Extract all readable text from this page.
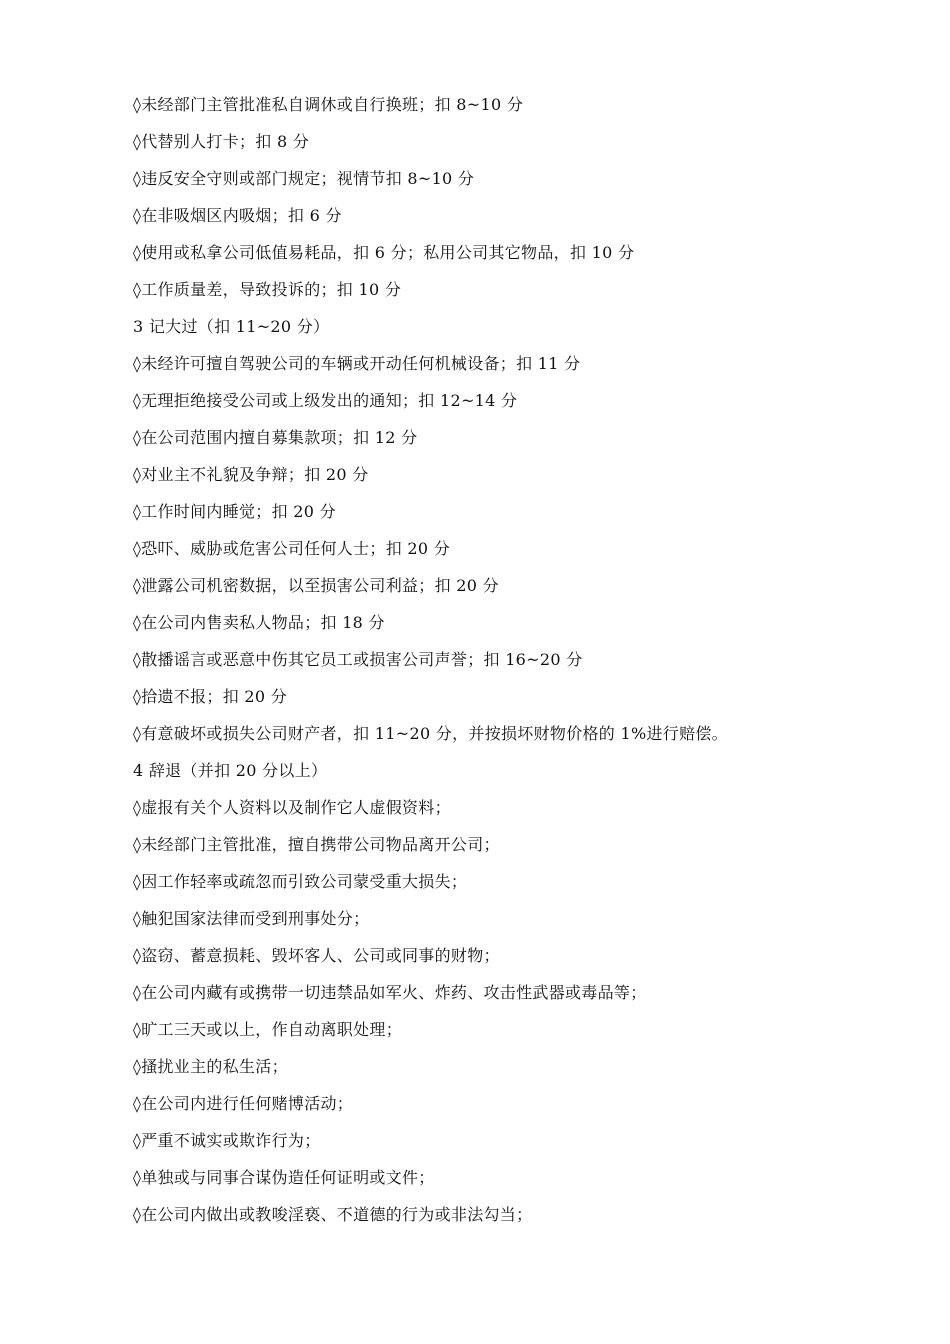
◊未经部门主管批准私自调休或自行换班；扣 8~10 分
◊代替别人打卡；扣 8 分
◊违反安全守则或部门规定；视情节扣 8~10 分
◊在非吸烟区内吸烟；扣 6 分
◊使用或私拿公司低值易耗品，扣 6 分；私用公司其它物品，扣 10 分
◊工作质量差，导致投诉的；扣 10 分
3 记大过（扣 11~20 分）
◊未经许可擅自驾驶公司的车辆或开动任何机械设备；扣 11 分
◊无理拒绝接受公司或上级发出的通知；扣 12~14 分
◊在公司范围内擅自募集款项；扣 12 分
◊对业主不礼貌及争辩；扣 20 分
◊工作时间内睡觉；扣 20 分
◊恐吓、威胁或危害公司任何人士；扣 20 分
◊泄露公司机密数据，以至损害公司利益；扣 20 分
◊在公司内售卖私人物品；扣 18 分
◊散播谣言或恶意中伤其它员工或损害公司声誉；扣 16~20 分
◊拾遗不报；扣 20 分
◊有意破坏或损失公司财产者，扣 11~20 分，并按损坏财物价格的 1%进行赔偿。
4 辞退（并扣 20 分以上）
◊虚报有关个人资料以及制作它人虚假资料；
◊未经部门主管批准，擅自携带公司物品离开公司；
◊因工作轻率或疏忽而引致公司蒙受重大损失；
◊触犯国家法律而受到刑事处分；
◊盗窃、蓄意损耗、毁坏客人、公司或同事的财物；
◊在公司内藏有或携带一切违禁品如军火、炸药、攻击性武器或毒品等；
◊旷工三天或以上，作自动离职处理；
◊搔扰业主的私生活；
◊在公司内进行任何赌博活动；
◊严重不诚实或欺诈行为；
◊单独或与同事合谋伪造任何证明或文件；
◊在公司内做出或教唆淫亵、不道德的行为或非法勾当；
